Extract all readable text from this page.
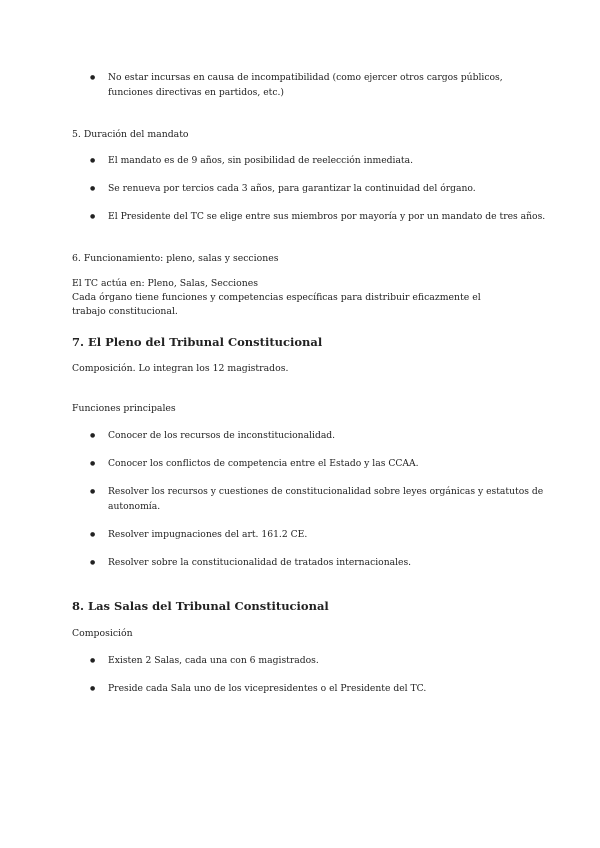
● No estar incursas en causa de incompatibilidad (como ejercer otros cargos públicos, funciones directivas en partidos, etc.)
5. Duración del mandato
● El mandato es de 9 años, sin posibilidad de reelección inmediata.
● Se renueva por tercios cada 3 años, para garantizar la continuidad del órgano.
● El Presidente del TC se elige entre sus miembros por mayoría y por un mandato de tres años.
6. Funcionamiento: pleno, salas y secciones
El TC actúa en: Pleno, Salas, Secciones
Cada órgano tiene funciones y competencias específicas para distribuir eficazmente el trabajo constitucional.
7. El Pleno del Tribunal Constitucional
Composición. Lo integran los 12 magistrados.
Funciones principales
● Conocer de los recursos de inconstitucionalidad.
● Conocer los conflictos de competencia entre el Estado y las CCAA.
● Resolver los recursos y cuestiones de constitucionalidad sobre leyes orgánicas y estatutos de autonomía.
● Resolver impugnaciones del art. 161.2 CE.
● Resolver sobre la constitucionalidad de tratados internacionales.
8. Las Salas del Tribunal Constitucional
Composición
● Existen 2 Salas, cada una con 6 magistrados.
● Preside cada Sala uno de los vicepresidentes o el Presidente del TC.
